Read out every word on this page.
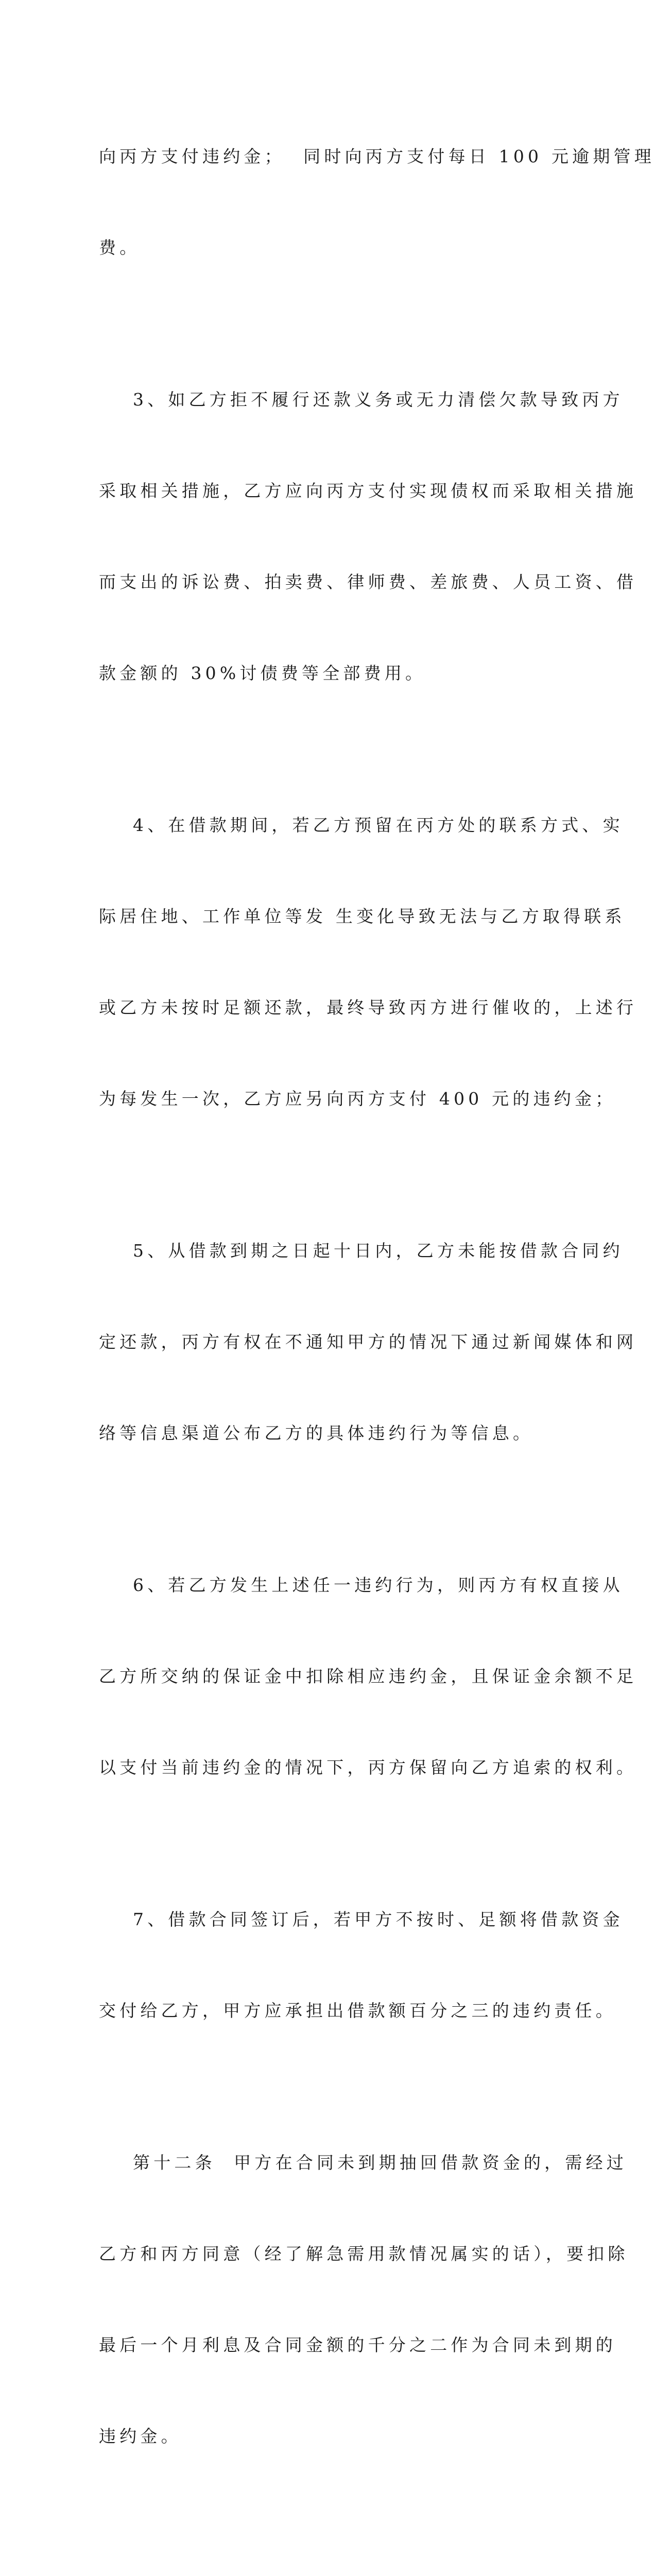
向丙方支付违约金；  同时向丙方支付每日 100 元逾期管理

费。

3、如乙方拒不履行还款义务或无力清偿欠款导致丙方

采取相关措施，乙方应向丙方支付实现债权而采取相关措施

而支出的诉讼费、拍卖费、律师费、差旅费、人员工资、借

款金额的 30%讨债费等全部费用。

4、在借款期间，若乙方预留在丙方处的联系方式、实

际居住地、工作单位等发 生变化导致无法与乙方取得联系

或乙方未按时足额还款，最终导致丙方进行催收的，上述行

为每发生一次，乙方应另向丙方支付 400 元的违约金；

5、从借款到期之日起十日内，乙方未能按借款合同约

定还款，丙方有权在不通知甲方的情况下通过新闻媒体和网

络等信息渠道公布乙方的具体违约行为等信息。

6、若乙方发生上述任一违约行为，则丙方有权直接从

乙方所交纳的保证金中扣除相应违约金，且保证金余额不足

以支付当前违约金的情况下，丙方保留向乙方追索的权利。

7、借款合同签订后，若甲方不按时、足额将借款资金

交付给乙方，甲方应承担出借款额百分之三的违约责任。

第十二条  甲方在合同未到期抽回借款资金的，需经过

乙方和丙方同意（经了解急需用款情况属实的话），要扣除

最后一个月利息及合同金额的千分之二作为合同未到期的

违约金。
